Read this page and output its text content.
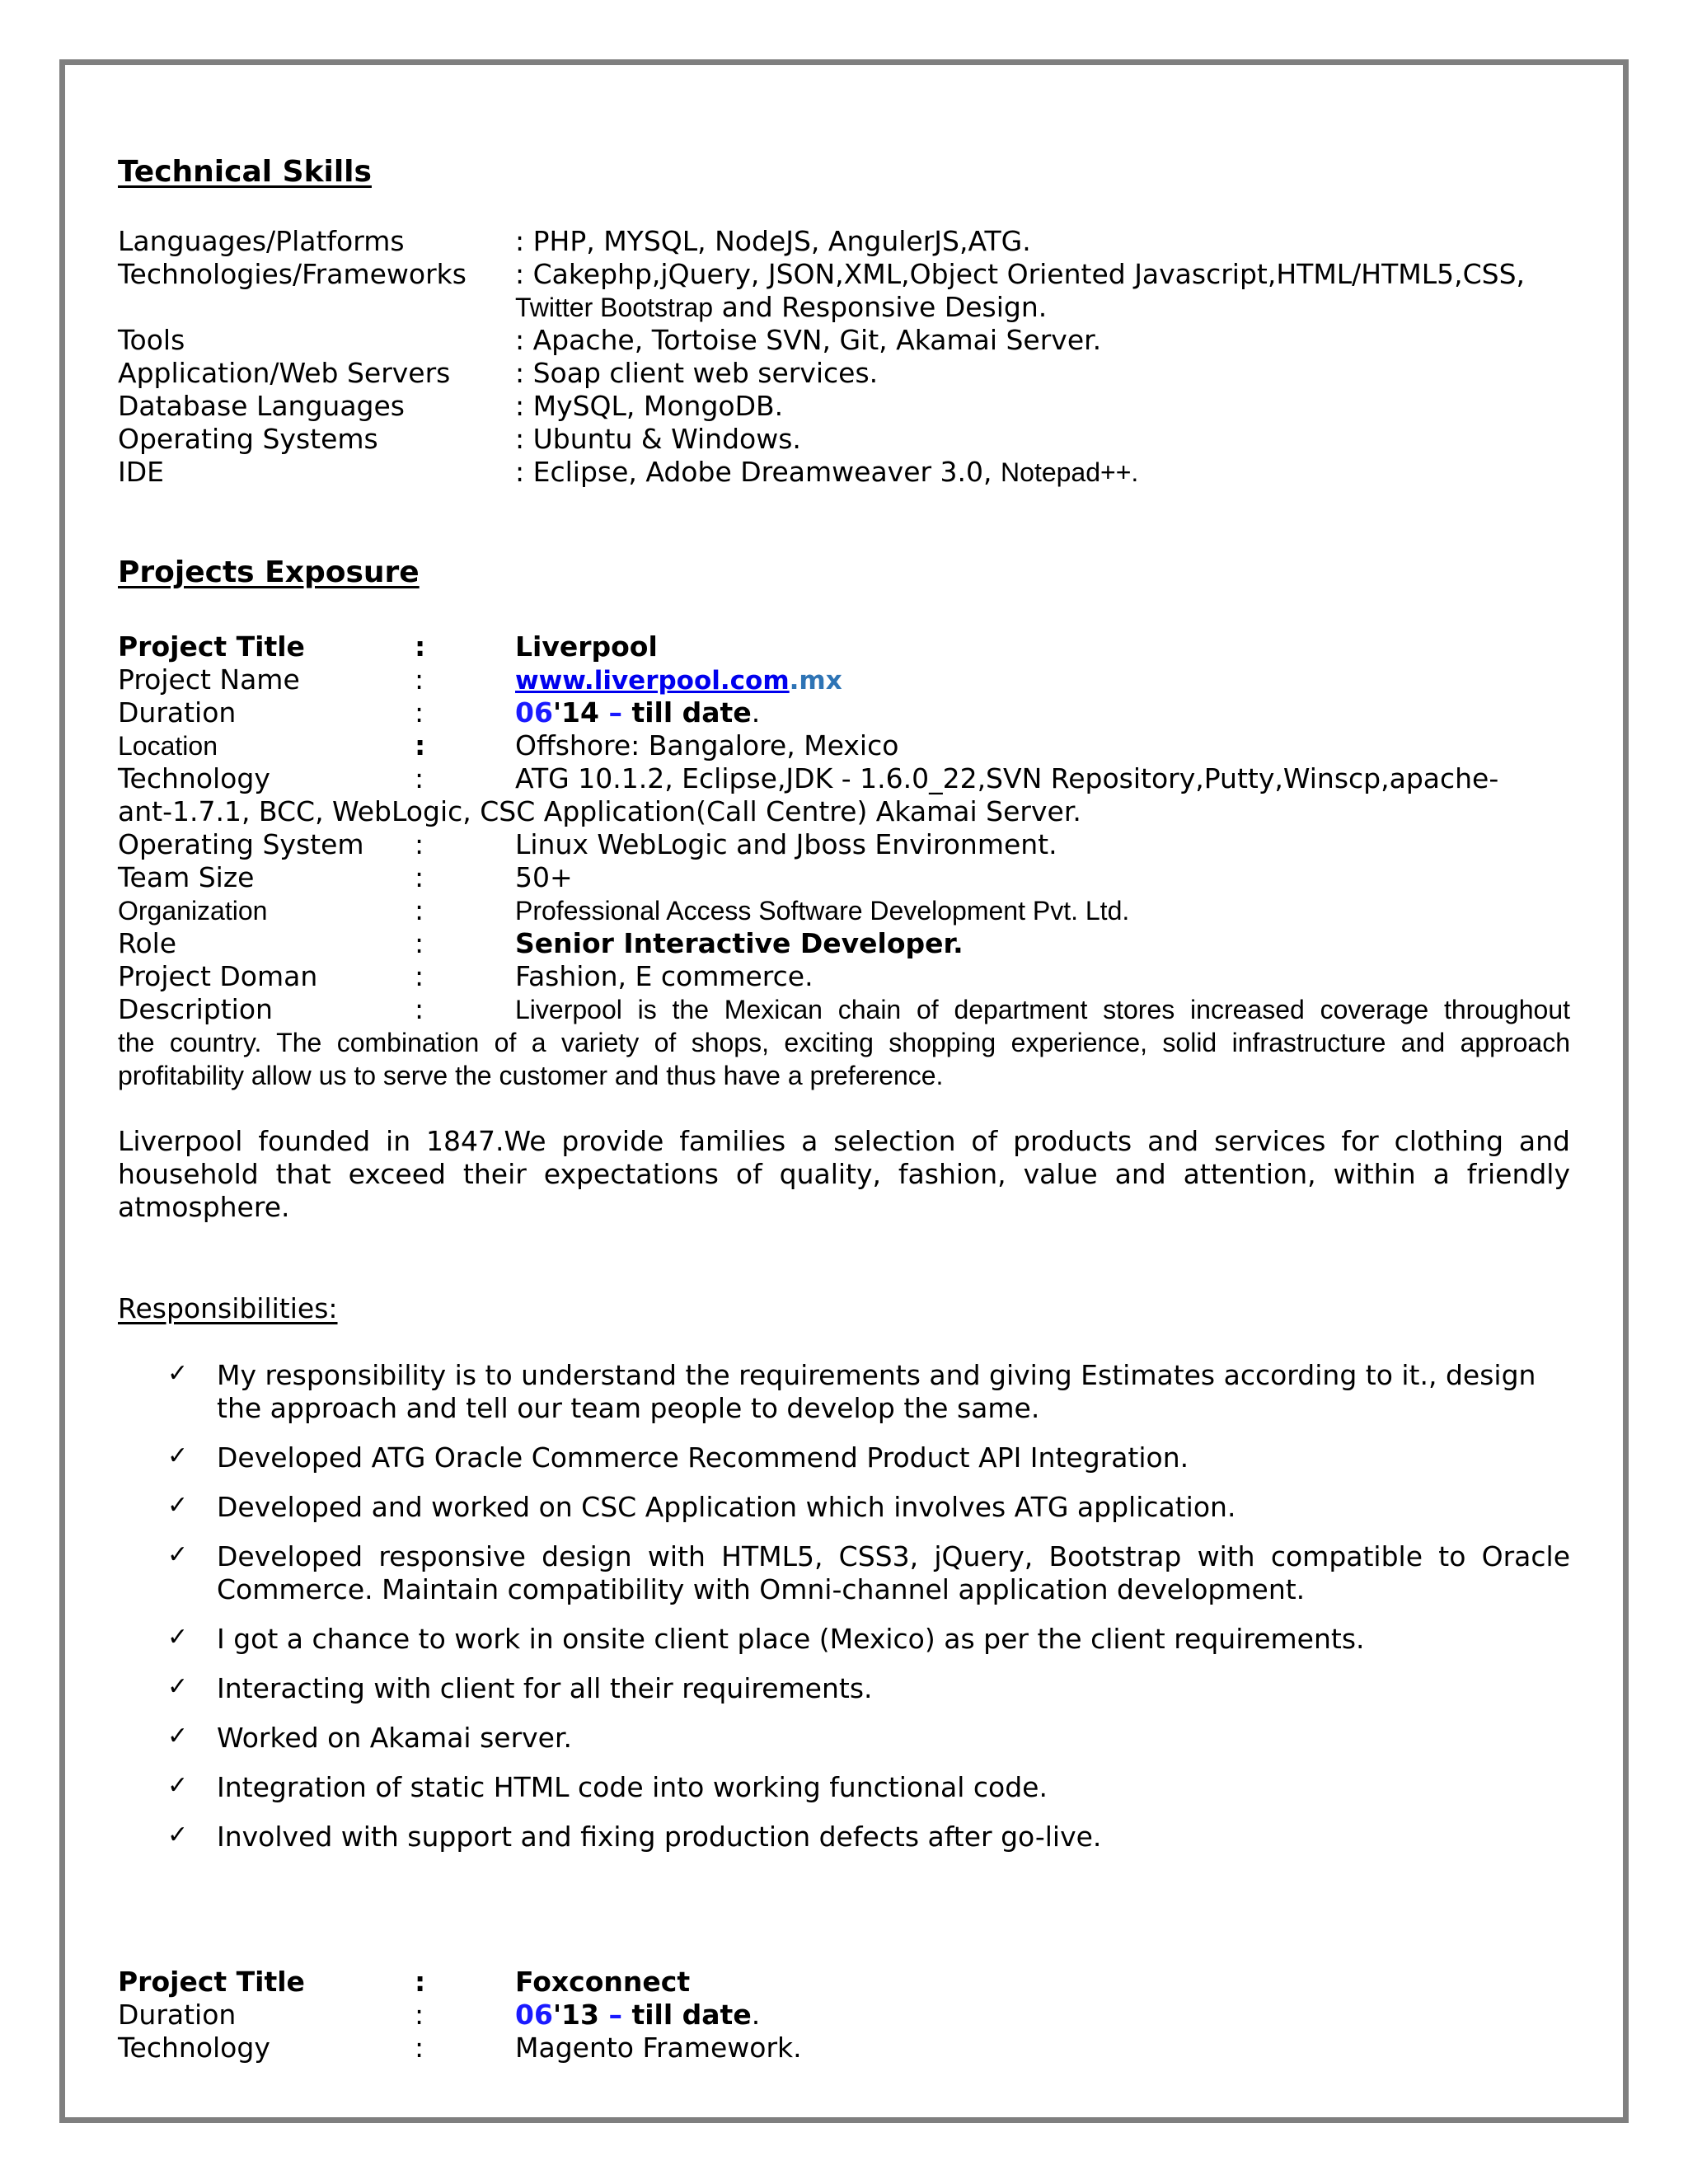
Technical Skills
Languages/Platforms	: PHP, MYSQL, NodeJS, AngulerJS,ATG.
Technologies/Frameworks : Cakephp,jQuery, JSON,XML,Object Oriented Javascript,HTML/HTML5,CSS,
Twitter Bootstrap and Responsive Design.
Tools	: Apache, Tortoise SVN, Git, Akamai Server.
Application/Web Servers : Soap client web services.
Database Languages	: MySQL, MongoDB.
Operating Systems	: Ubuntu & Windows.
IDE	: Eclipse, Adobe Dreamweaver 3.0, Notepad++.
Projects Exposure
Project Title	:	Liverpool
Project Name	:	www.liverpool.com.mx
Duration	:	06'14 – till date.
Location	:	Offshore: Bangalore, Mexico
Technology	:	ATG 10.1.2, Eclipse,JDK - 1.6.0_22,SVN Repository,Putty,Winscp,apache-
ant-1.7.1, BCC, WebLogic, CSC Application(Call Centre) Akamai Server.
Operating System :	Linux WebLogic and Jboss Environment.
Team Size	:	50+
Organization	:	Professional Access Software Development Pvt. Ltd.
Role	:	Senior Interactive Developer.
Project Doman	:	Fashion, E commerce.
Description	:	Liverpool is the Mexican chain of department stores increased coverage throughout
the country. The combination of a variety of shops, exciting shopping experience, solid infrastructure and approach
profitability allow us to serve the customer and thus have a preference.
Liverpool founded in 1847.We provide families a selection of products and services for clothing and
household that exceed their expectations of quality, fashion, value and attention, within a friendly
atmosphere.
Responsibilities:
✓ My responsibility is to understand the requirements and giving Estimates according to it., design
the approach and tell our team people to develop the same.
✓ Developed ATG Oracle Commerce Recommend Product API Integration.
✓ Developed and worked on CSC Application which involves ATG application.
✓ Developed responsive design with HTML5, CSS3, jQuery, Bootstrap with compatible to Oracle
Commerce. Maintain compatibility with Omni-channel application development.
✓ I got a chance to work in onsite client place (Mexico) as per the client requirements.
✓ Interacting with client for all their requirements.
✓ Worked on Akamai server.
✓ Integration of static HTML code into working functional code.
✓ Involved with support and fixing production defects after go-live.
Project Title	:	Foxconnect
Duration	:	06'13 – till date.
Technology	:	Magento Framework.
